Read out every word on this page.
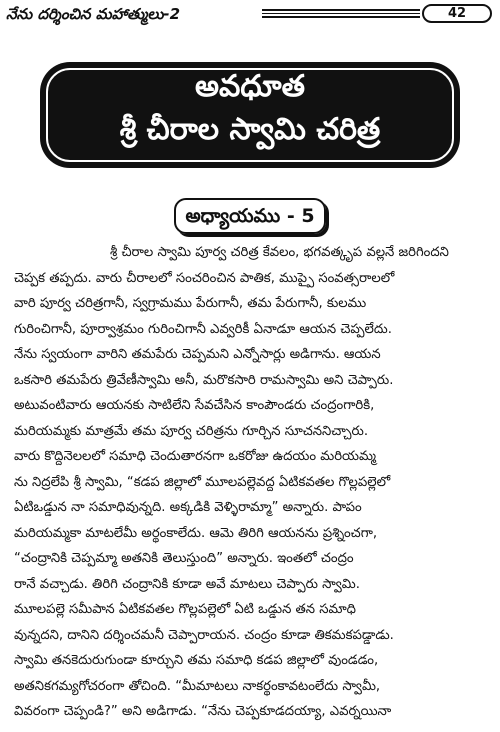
నేను దర్శించిన మహాత్ములు-2	42
అవధూత
శ్రీ చీరాల స్వామి చరిత్ర
అధ్యాయము - 5
శ్రీ చీరాల స్వామి పూర్వ చరిత్ర కేవలం, భగవత్కృప వల్లనే జరిగిందని
చెప్పక తప్పదు. వారు చీరాలలో సంచరించిన పాతిక, ముప్పై సంవత్సరాలలో
వారి పూర్వ చరిత్రగానీ, స్వగ్రామము పేరుగానీ, తమ పేరుగానీ, కులము
గురించిగానీ, పూర్వాశ్రమం గురించిగానీ ఎవ్వరికీ ఏనాడూ ఆయన చెప్పలేదు.
నేను స్వయంగా వారిని తమపేరు చెప్పమని ఎన్నోసార్లు అడిగాను. ఆయన
ఒకసారి తమపేరు త్రివేణీస్వామి అనీ, మరొకసారి రామస్వామి అని చెప్పారు.
అటువంటివారు ఆయనకు సాటిలేని సేవచేసిన కాంపౌండరు చంద్రంగారికి,
మరియమ్మకు మాత్రమే తమ పూర్వ చరిత్రను గూర్చిన సూచననిచ్చారు.
వారు కొద్దినెలలలో సమాధి చెందుతారనగా ఒకరోజు ఉదయం మరియమ్మ
ను నిద్రలేపి శ్రీ స్వామి, “కడప జిల్లాలో మూలపల్లెవద్ద ఏటికవతల గొల్లపల్లెలో
ఏటిఒడ్డున నా సమాధివున్నది. అక్కడికి వెళ్ళిరామ్మా” అన్నారు. పాపం
మరియమ్మకా మాటలేమీ అర్థంకాలేదు. ఆమె తిరిగి ఆయనను ప్రశ్నించగా,
“చంద్రానికి చెప్పమ్మా అతనికి తెలుస్తుంది” అన్నారు. ఇంతలో చంద్రం
రానే వచ్చాడు. తిరిగి చంద్రానికి కూడా అవే మాటలు చెప్పారు స్వామి.
మూలపల్లె సమీపాన ఏటికవతల గొల్లపల్లెలో ఏటి ఒడ్డున తన సమాధి
వున్నదని, దానిని దర్శించమనీ చెప్పారాయన. చంద్రం కూడా తికమకపడ్డాడు.
స్వామి తనకెదురుగుండా కూర్చుని తమ సమాధి కడప జిల్లాలో వుండడం,
అతనికగమ్యగోచరంగా తోచింది. “మీమాటలు నాకర్థంకావటంలేదు స్వామీ,
వివరంగా చెప్పండి?” అని అడిగాడు. “నేను చెప్పకూడదయ్యా, ఎవర్నయినా
